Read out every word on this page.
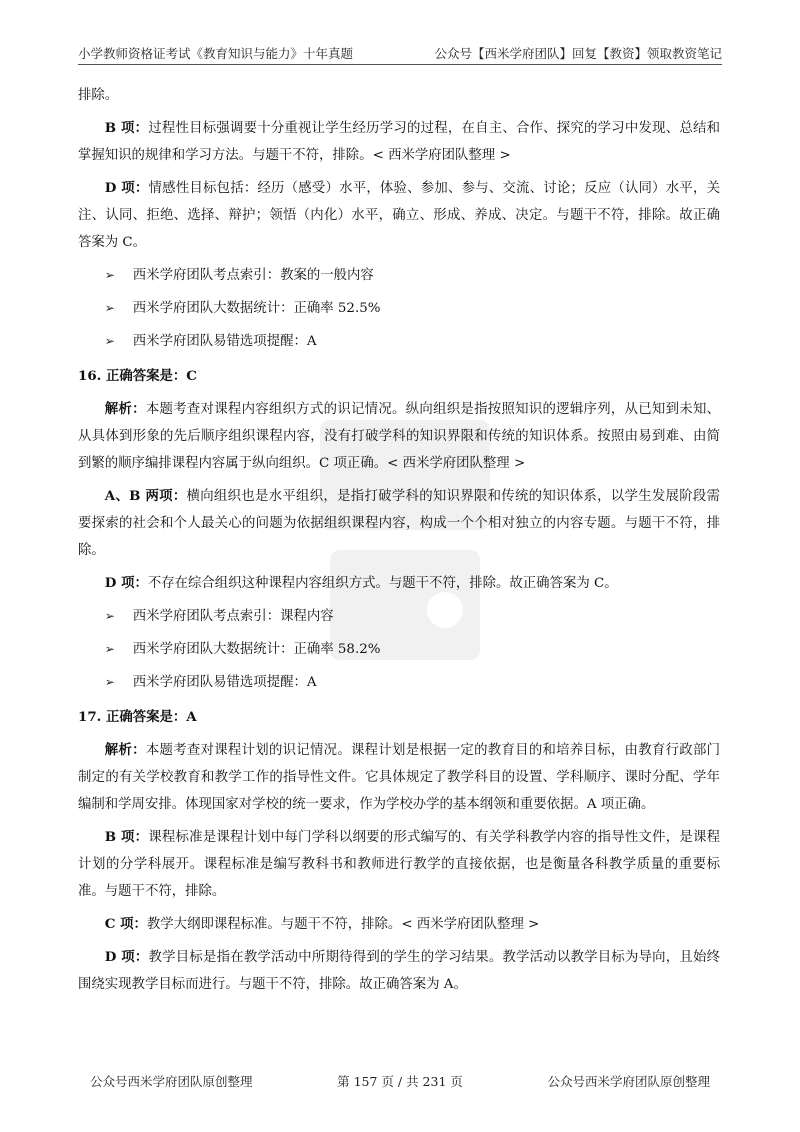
小学教师资格证考试《教育知识与能力》十年真题	公众号【西米学府团队】回复【教资】领取教资笔记

排除。

B 项：过程性目标强调要十分重视让学生经历学习的过程，在自主、合作、探究的学习中发现、总结和掌握知识的规律和学习方法。与题干不符，排除。< 西米学府团队整理 >

D 项：情感性目标包括：经历（感受）水平，体验、参加、参与、交流、讨论；反应（认同）水平，关注、认同、拒绝、选择、辩护；领悟（内化）水平，确立、形成、养成、决定。与题干不符，排除。故正确答案为 C。

➢	西米学府团队考点索引：教案的一般内容
➢	西米学府团队大数据统计：正确率 52.5%
➢	西米学府团队易错选项提醒：A
16. 正确答案是：C

解析：本题考查对课程内容组织方式的识记情况。纵向组织是指按照知识的逻辑序列，从已知到未知、从具体到形象的先后顺序组织课程内容，没有打破学科的知识界限和传统的知识体系。按照由易到难、由简到繁的顺序编排课程内容属于纵向组织。C 项正确。< 西米学府团队整理 >

A、B 两项：横向组织也是水平组织，是指打破学科的知识界限和传统的知识体系，以学生发展阶段需要探索的社会和个人最关心的问题为依据组织课程内容，构成一个个相对独立的内容专题。与题干不符，排除。

D 项：不存在综合组织这种课程内容组织方式。与题干不符，排除。故正确答案为 C。

➢	西米学府团队考点索引：课程内容
➢	西米学府团队大数据统计：正确率 58.2%
➢	西米学府团队易错选项提醒：A
17. 正确答案是：A

解析：本题考查对课程计划的识记情况。课程计划是根据一定的教育目的和培养目标，由教育行政部门制定的有关学校教育和教学工作的指导性文件。它具体规定了教学科目的设置、学科顺序、课时分配、学年编制和学周安排。体现国家对学校的统一要求，作为学校办学的基本纲领和重要依据。A 项正确。

B 项：课程标准是课程计划中每门学科以纲要的形式编写的、有关学科教学内容的指导性文件，是课程计划的分学科展开。课程标准是编写教科书和教师进行教学的直接依据，也是衡量各科教学质量的重要标准。与题干不符，排除。

C 项：教学大纲即课程标准。与题干不符，排除。< 西米学府团队整理 >

D 项：教学目标是指在教学活动中所期待得到的学生的学习结果。教学活动以教学目标为导向，且始终围绕实现教学目标而进行。与题干不符，排除。故正确答案为 A。

公众号西米学府团队原创整理	第 157 页 / 共 231 页	公众号西米学府团队原创整理
